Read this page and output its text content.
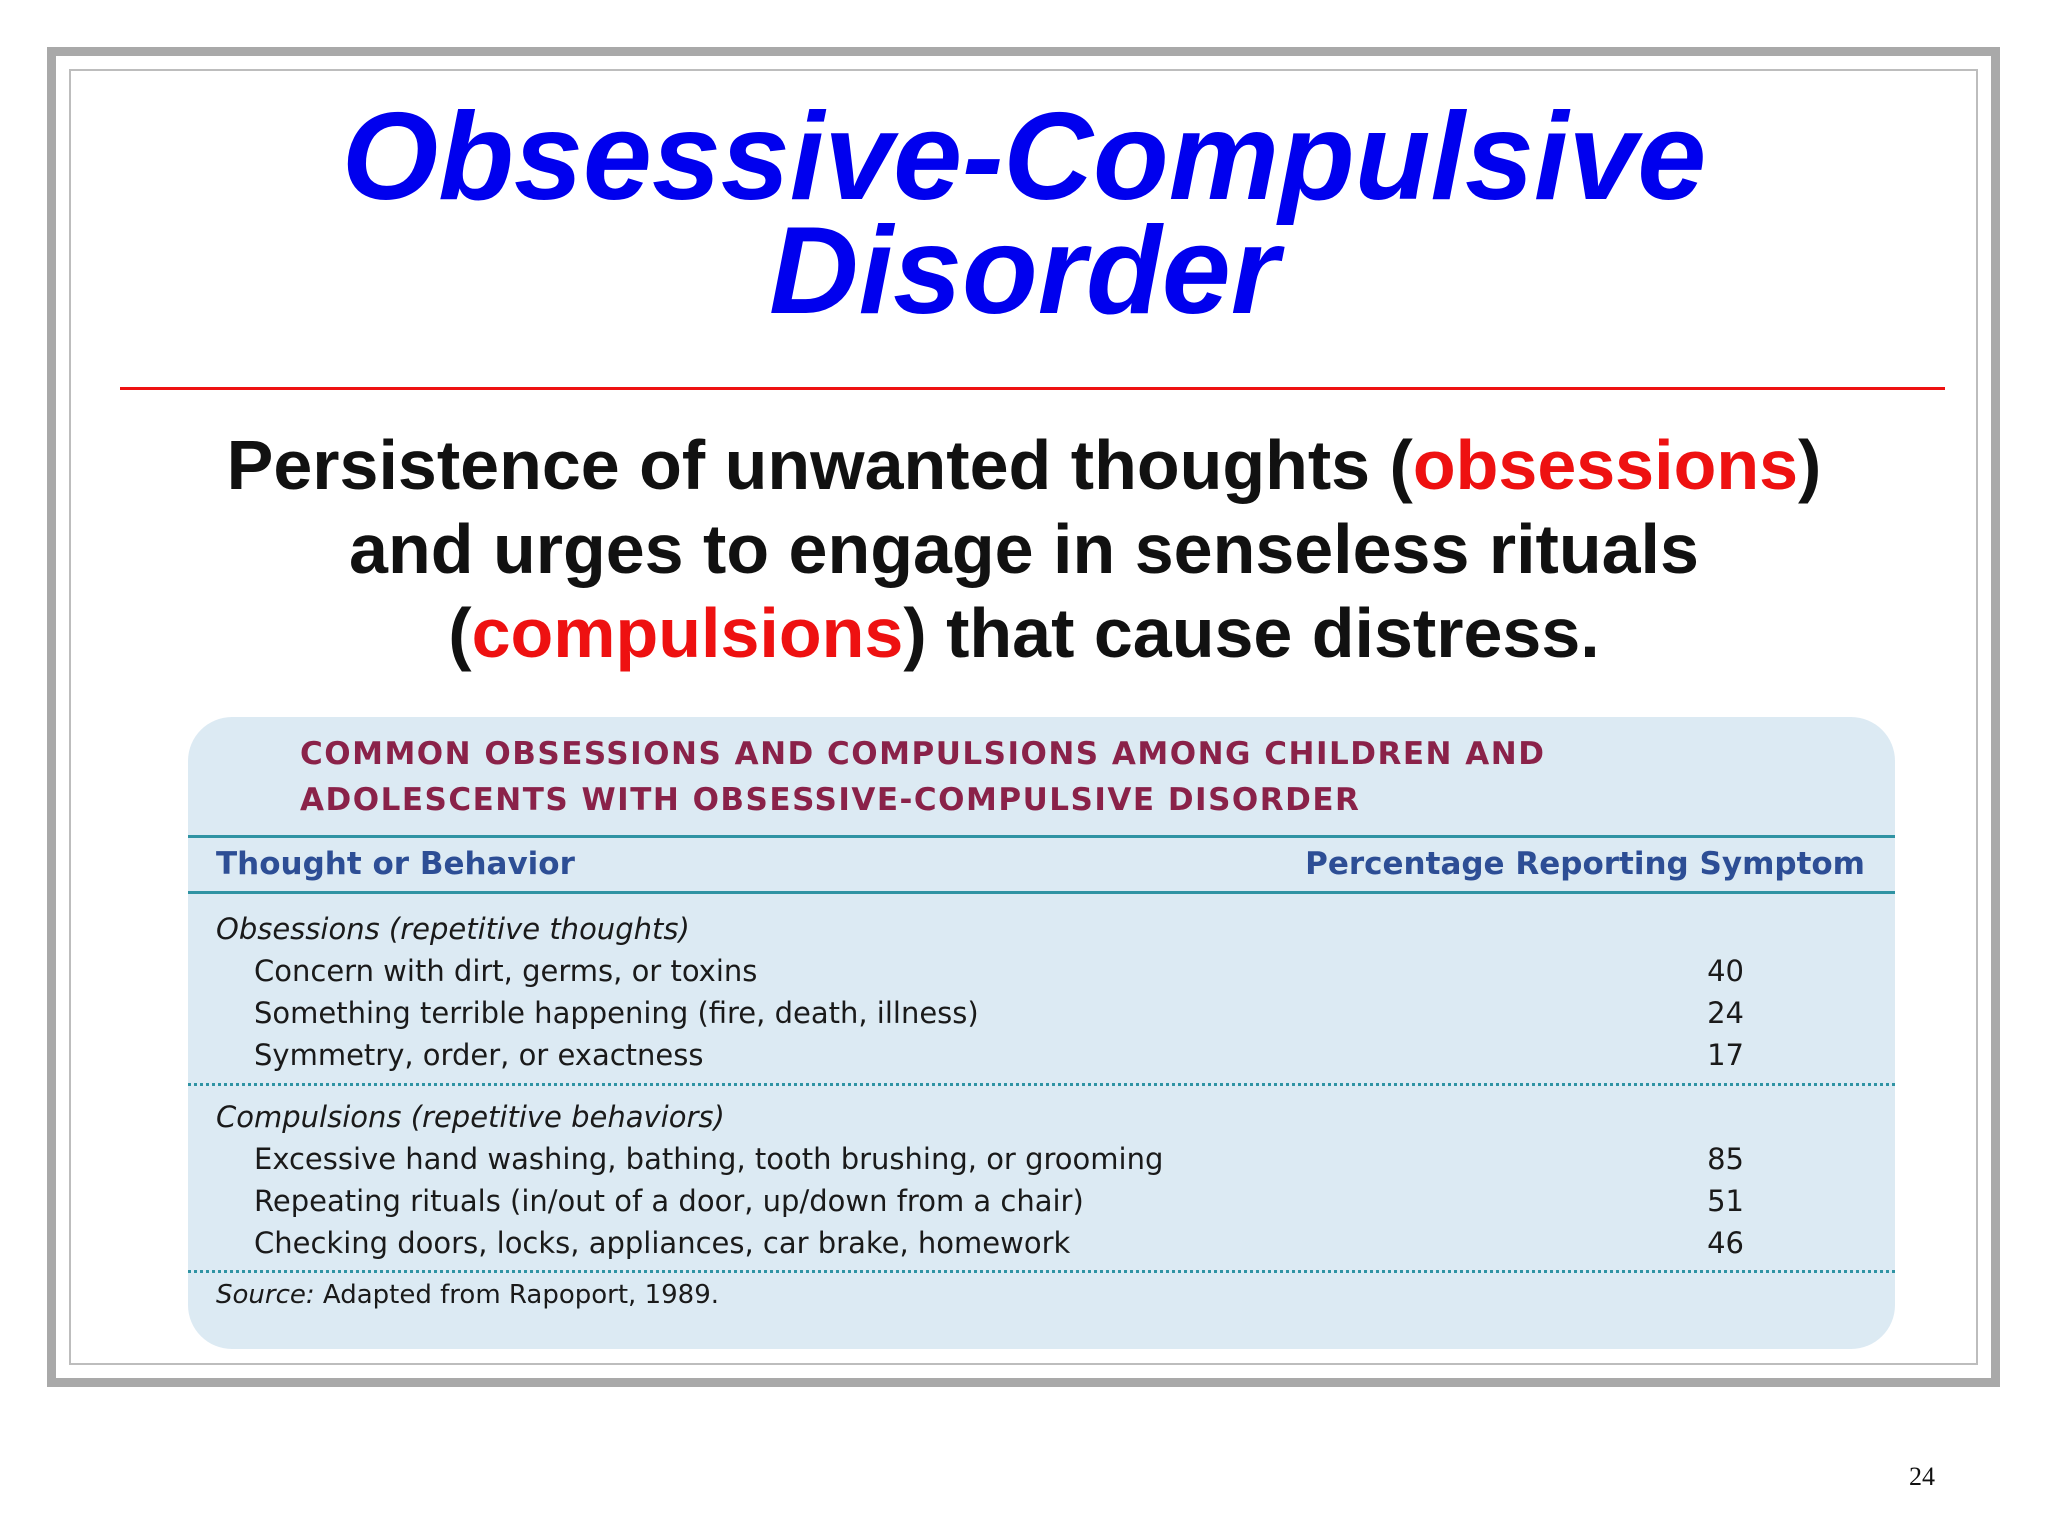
Obsessive-Compulsive
Disorder

Persistence of unwanted thoughts (obsessions)
and urges to engage in senseless rituals
(compulsions) that cause distress.

COMMON OBSESSIONS AND COMPULSIONS AMONG CHILDREN AND
ADOLESCENTS WITH OBSESSIVE-COMPULSIVE DISORDER

Thought or Behavior	Percentage Reporting Symptom

Obsessions (repetitive thoughts)

Concern with dirt, germs, or toxins	40
Something terrible happening (fire, death, illness)	24
Symmetry, order, or exactness	17

Compulsions (repetitive behaviors)

Excessive hand washing, bathing, tooth brushing, or grooming	85
Repeating rituals (in/out of a door, up/down from a chair)	51
Checking doors, locks, appliances, car brake, homework	46

Source: Adapted from Rapoport, 1989.

24
